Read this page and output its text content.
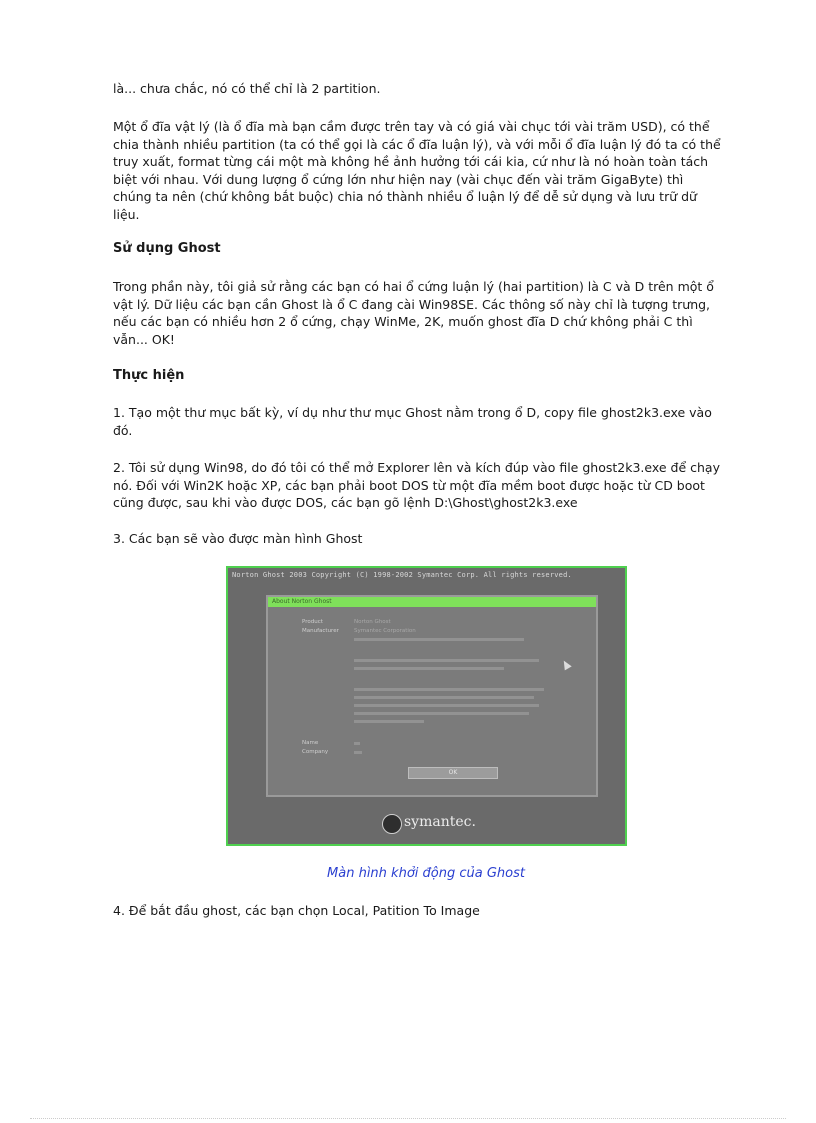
là... chưa chắc, nó có thể chỉ là 2 partition.

Một ổ đĩa vật lý (là ổ đĩa mà bạn cầm được trên tay và có giá vài chục tới vài trăm USD), có thể chia thành nhiều partition (ta có thể gọi là các ổ đĩa luận lý), và với mỗi ổ đĩa luận lý đó ta có thể truy xuất, format từng cái một mà không hề ảnh hưởng tới cái kia, cứ như là nó hoàn toàn tách biệt với nhau. Với dung lượng ổ cứng lớn như hiện nay (vài chục đến vài trăm GigaByte) thì chúng ta nên (chứ không bắt buộc) chia nó thành nhiều ổ luận lý để dễ sử dụng và lưu trữ dữ liệu.

Sử dụng Ghost

Trong phần này, tôi giả sử rằng các bạn có hai ổ cứng luận lý (hai partition) là C và D trên một ổ vật lý. Dữ liệu các bạn cần Ghost là ổ C đang cài Win98SE. Các thông số này chỉ là tượng trưng, nếu các bạn có nhiều hơn 2 ổ cứng, chạy WinMe, 2K, muốn ghost đĩa D chứ không phải C thì vẫn... OK!

Thực hiện

1. Tạo một thư mục bất kỳ, ví dụ như thư mục Ghost nằm trong ổ D, copy file ghost2k3.exe vào đó.

2. Tôi sử dụng Win98, do đó tôi có thể mở Explorer lên và kích đúp vào file ghost2k3.exe để chạy nó. Đối với Win2K hoặc XP, các bạn phải boot DOS từ một đĩa mềm boot được hoặc từ CD boot cũng được, sau khi vào được DOS, các bạn gõ lệnh D:\Ghost\ghost2k3.exe

3. Các bạn sẽ vào được màn hình Ghost

Norton Ghost 2003 Copyright (C) 1998-2002 Symantec Corp. All rights reserved.
About Norton Ghost
Product
Manufacturer
Norton Ghost
Symantec Corporation
Name
Company
OK
symantec.
Màn hình khởi động của Ghost

4. Để bắt đầu ghost, các bạn chọn Local, Patition To Image
